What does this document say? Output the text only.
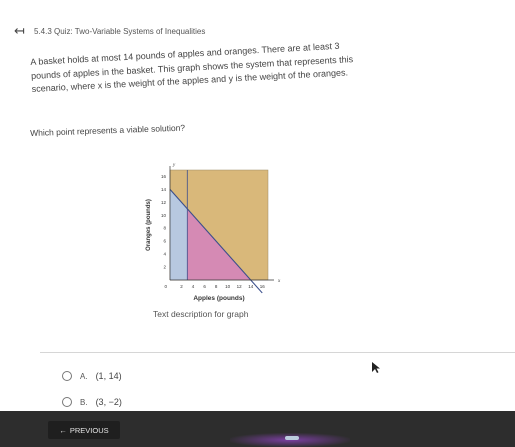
↤ 5.4.3 Quiz: Two-Variable Systems of Inequalities
A basket holds at most 14 pounds of apples and oranges. There are at least 3 pounds of apples in the basket. This graph shows the system that represents this scenario, where x is the weight of the apples and y is the weight of the oranges.
Which point represents a viable solution?
2 4 6 8 10 12 14 16
2
4
6
8
10
12
14
16
0
x
y
Apples (pounds)
Oranges (pounds)
Text description for graph
A. (1, 14)
B. (3, −2)
← PREVIOUS
